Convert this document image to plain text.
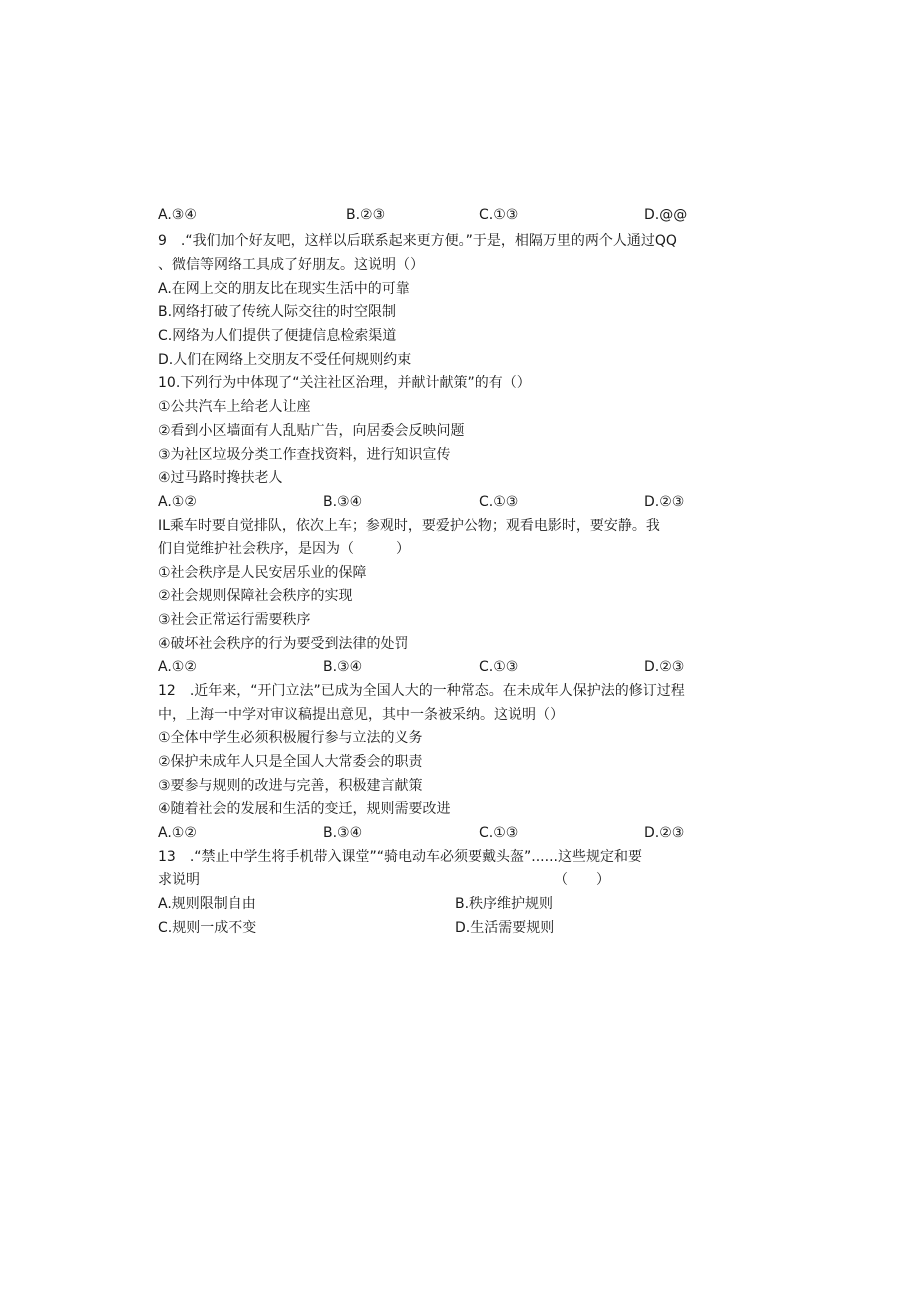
A.③④	B.②③	C.①③	D.@@
9　.“我们加个好友吧，这样以后联系起来更方便。”于是，相隔万里的两个人通过QQ
、微信等网络工具成了好朋友。这说明（）
A.在网上交的朋友比在现实生活中的可靠
B.网络打破了传统人际交往的时空限制
C.网络为人们提供了便捷信息检索渠道
D.人们在网络上交朋友不受任何规则约束
10.下列行为中体现了“关注社区治理，并献计献策”的有（）
①公共汽车上给老人让座
②看到小区墙面有人乱贴广告，向居委会反映问题
③为社区垃圾分类工作查找资料，进行知识宣传
④过马路时搀扶老人
A.①②	B.③④	C.①③	D.②③
IL乘车时要自觉排队，依次上车；参观时，要爱护公物；观看电影时，要安静。我
们自觉维护社会秩序，是因为（　　　）
①社会秩序是人民安居乐业的保障
②社会规则保障社会秩序的实现
③社会正常运行需要秩序
④破坏社会秩序的行为要受到法律的处罚
A.①②	B.③④	C.①③	D.②③
12　.近年来，“开门立法”已成为全国人大的一种常态。在未成年人保护法的修订过程
中，上海一中学对审议稿提出意见，其中一条被采纳。这说明（）
①全体中学生必须积极履行参与立法的义务
②保护未成年人只是全国人大常委会的职责
③要参与规则的改进与完善，积极建言献策
④随着社会的发展和生活的变迁，规则需要改进
A.①②	B.③④	C.①③	D.②③
13　.“禁止中学生将手机带入课堂”“骑电动车必须要戴头盔”......这些规定和要
求说明	（　　）
A.规则限制自由	B.秩序维护规则
C.规则一成不变	D.生活需要规则
